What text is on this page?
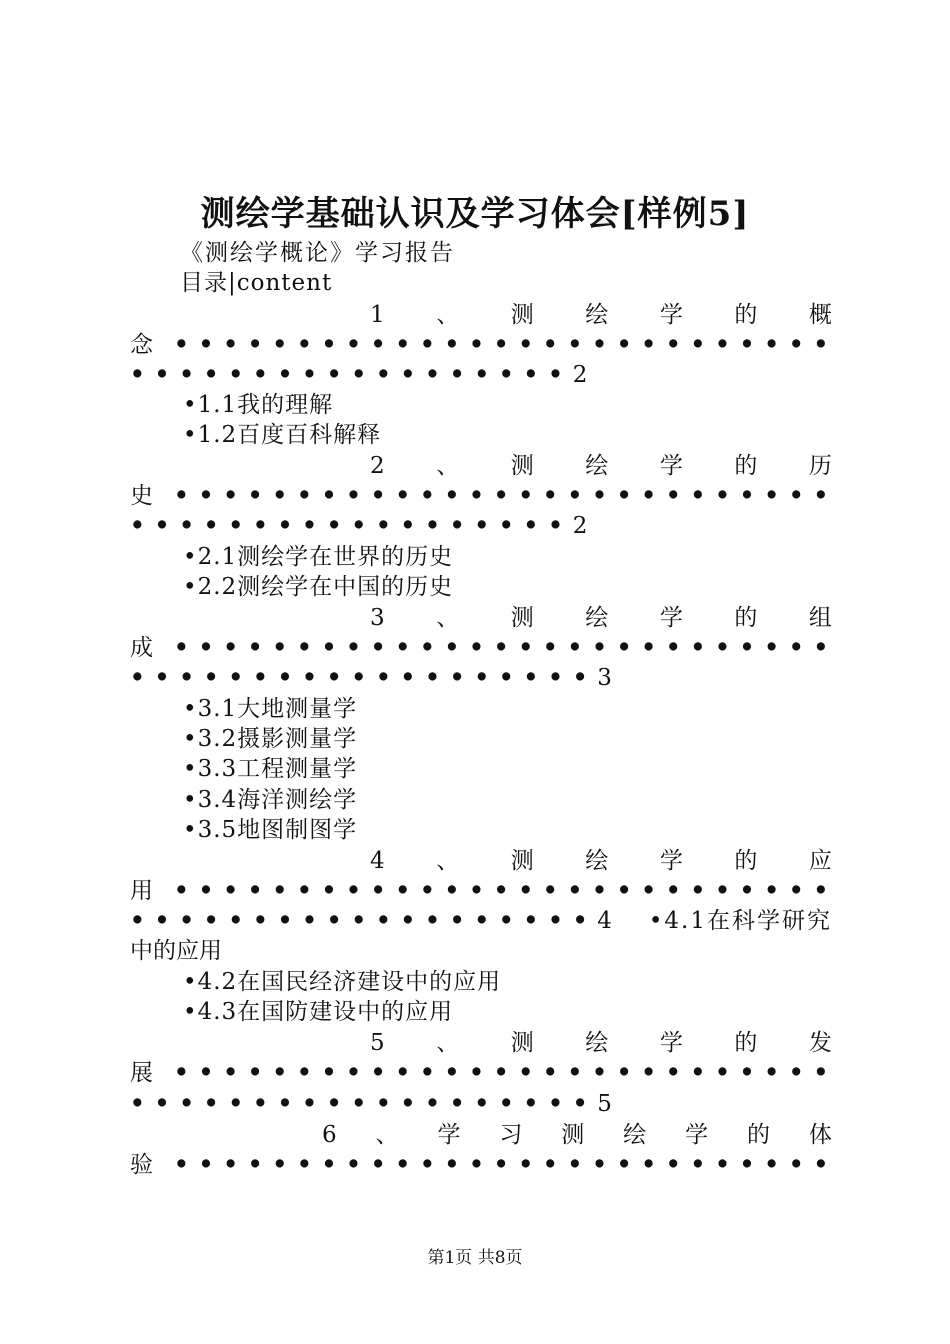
测绘学基础认识及学习体会[样例5]
《测绘学概论》学习报告
目录|content
1 、 测 绘 学 的 概
念 • • • • • • • • • • • • • • • • • • • • • • • • • • •
• • • • • • • • • • • • • • • • • • 2
•1.1我的理解
•1.2百度百科解释
2 、 测 绘 学 的 历
史 • • • • • • • • • • • • • • • • • • • • • • • • • • •
• • • • • • • • • • • • • • • • • • 2
•2.1测绘学在世界的历史
•2.2测绘学在中国的历史
3 、 测 绘 学 的 组
成 • • • • • • • • • • • • • • • • • • • • • • • • • • •
• • • • • • • • • • • • • • • • • • • 3
•3.1大地测量学
•3.2摄影测量学
•3.3工程测量学
•3.4海洋测绘学
•3.5地图制图学
4 、 测 绘 学 的 应
用 • • • • • • • • • • • • • • • • • • • • • • • • • • •
• • • • • • • • • • • • • • • • • • • 4 •4.1在科学研究
中的应用
•4.2在国民经济建设中的应用
•4.3在国防建设中的应用
5 、 测 绘 学 的 发
展 • • • • • • • • • • • • • • • • • • • • • • • • • • •
• • • • • • • • • • • • • • • • • • • 5
6 、 学 习 测 绘 学 的 体
验 • • • • • • • • • • • • • • • • • • • • • • • • • • •
第1页 共8页
